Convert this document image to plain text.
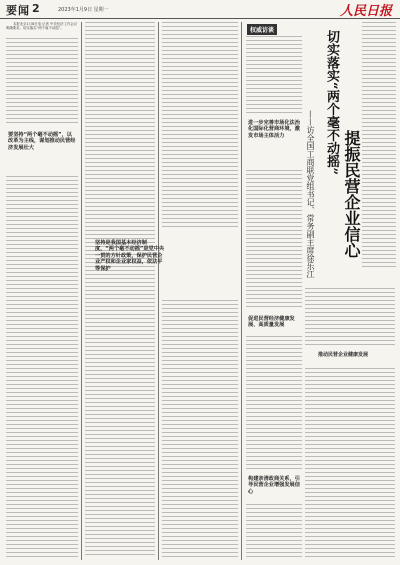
要闻 2	2023年1月9日 星期一	人民日报

本报北京1月8日电 记者 中央经济工作会议明确要求，切实落实“两个毫不动摇”。

要坚持“两个毫不动摇”，以改革为主线，谋划推动民营经济发展壮大
坚持是我国基本经济制度，“两个毫不动摇”是党中央一贯的方针政策，保护民营企业产权和企业家权益，依法平等保护
权威访谈
进一步完善市场化法治化国际化营商环境，激发市场主体活力
促进民营经济健康发展、高质量发展
构建亲清政商关系，引导民营企业增强发展信心
切实落实“两个毫不动摇”
——访全国工商联党组书记、常务副主席徐乐江 提振民营企业信心
推动民营企业健康发展
